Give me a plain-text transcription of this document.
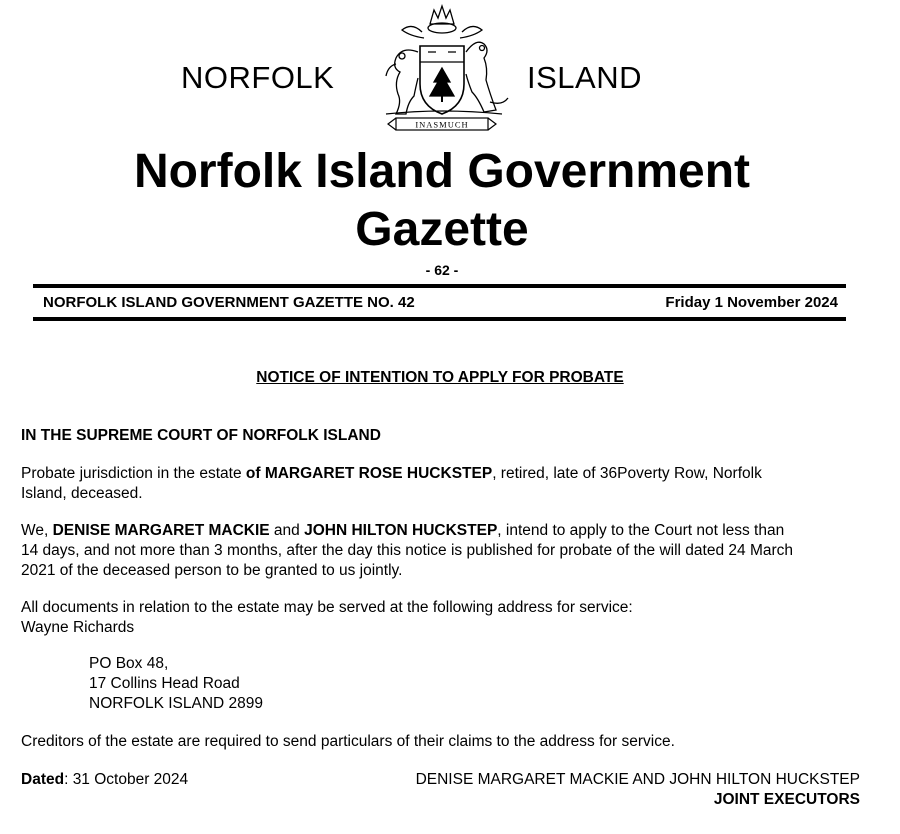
NORFOLK	ISLAND
INASMUCH
Norfolk Island Government
Gazette
- 62 -
NORFOLK ISLAND GOVERNMENT GAZETTE NO. 42	Friday 1 November 2024
NOTICE OF INTENTION TO APPLY FOR PROBATE
IN THE SUPREME COURT OF NORFOLK ISLAND
Probate jurisdiction in the estate of MARGARET ROSE HUCKSTEP, retired, late of 36Poverty Row, Norfolk
Island, deceased.
We, DENISE MARGARET MACKIE and JOHN HILTON HUCKSTEP, intend to apply to the Court not less than
14 days, and not more than 3 months, after the day this notice is published for probate of the will dated 24 March
2021 of the deceased person to be granted to us jointly.
All documents in relation to the estate may be served at the following address for service:
Wayne Richards
PO Box 48,
17 Collins Head Road
NORFOLK ISLAND 2899
Creditors of the estate are required to send particulars of their claims to the address for service.
Dated: 31 October 2024	DENISE MARGARET MACKIE AND JOHN HILTON HUCKSTEP
JOINT EXECUTORS
